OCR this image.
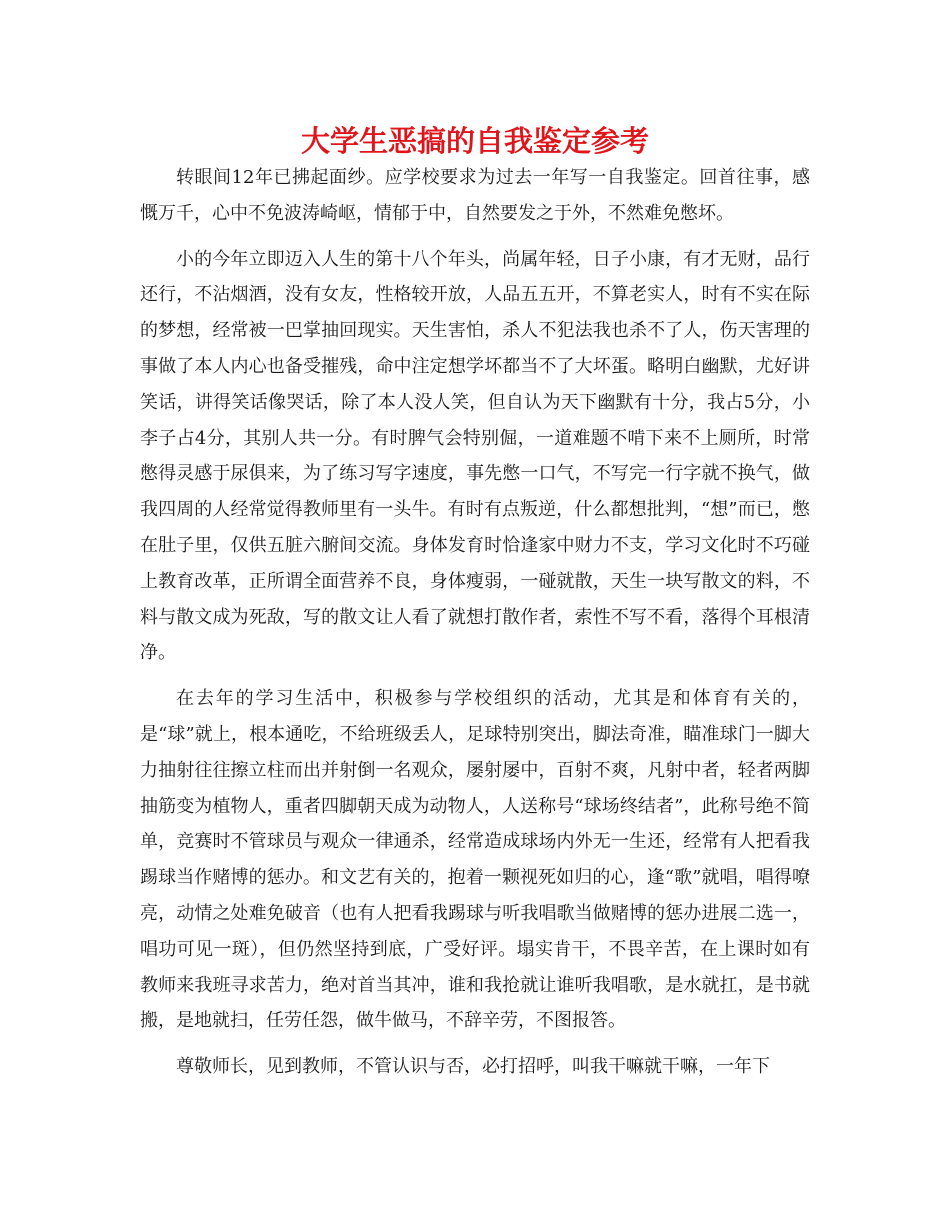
大学生恶搞的自我鉴定参考

转眼间12年已拂起面纱。应学校要求为过去一年写一自我鉴定。回首往事，感慨万千，心中不免波涛崎岖，情郁于中，自然要发之于外，不然难免憋坏。

小的今年立即迈入人生的第十八个年头，尚属年轻，日子小康，有才无财，品行还行，不沾烟酒，没有女友，性格较开放，人品五五开，不算老实人，时有不实在际的梦想，经常被一巴掌抽回现实。天生害怕，杀人不犯法我也杀不了人，伤天害理的事做了本人内心也备受摧残，命中注定想学坏都当不了大坏蛋。略明白幽默，尤好讲笑话，讲得笑话像哭话，除了本人没人笑，但自认为天下幽默有十分，我占5分，小李子占4分，其别人共一分。有时脾气会特别倔，一道难题不啃下来不上厕所，时常憋得灵感于尿俱来，为了练习写字速度，事先憋一口气，不写完一行字就不换气，做我四周的人经常觉得教师里有一头牛。有时有点叛逆，什么都想批判，“想”而已，憋在肚子里，仅供五脏六腑间交流。身体发育时恰逢家中财力不支，学习文化时不巧碰上教育改革，正所谓全面营养不良，身体瘦弱，一碰就散，天生一块写散文的料，不料与散文成为死敌，写的散文让人看了就想打散作者，索性不写不看，落得个耳根清净。

在去年的学习生活中，积极参与学校组织的活动，尤其是和体育有关的，是“球”就上，根本通吃，不给班级丢人，足球特别突出，脚法奇准，瞄准球门一脚大力抽射往往擦立柱而出并射倒一名观众，屡射屡中，百射不爽，凡射中者，轻者两脚抽筋变为植物人，重者四脚朝天成为动物人，人送称号“球场终结者”，此称号绝不简单，竞赛时不管球员与观众一律通杀，经常造成球场内外无一生还，经常有人把看我踢球当作赌博的惩办。和文艺有关的，抱着一颗视死如归的心，逢“歌”就唱，唱得嘹亮，动情之处难免破音（也有人把看我踢球与听我唱歌当做赌博的惩办进展二选一，唱功可见一斑），但仍然坚持到底，广受好评。塌实肯干，不畏辛苦，在上课时如有教师来我班寻求苦力，绝对首当其冲，谁和我抢就让谁听我唱歌，是水就扛，是书就搬，是地就扫，任劳任怨，做牛做马，不辞辛劳，不图报答。

尊敬师长，见到教师，不管认识与否，必打招呼，叫我干嘛就干嘛，一年下
